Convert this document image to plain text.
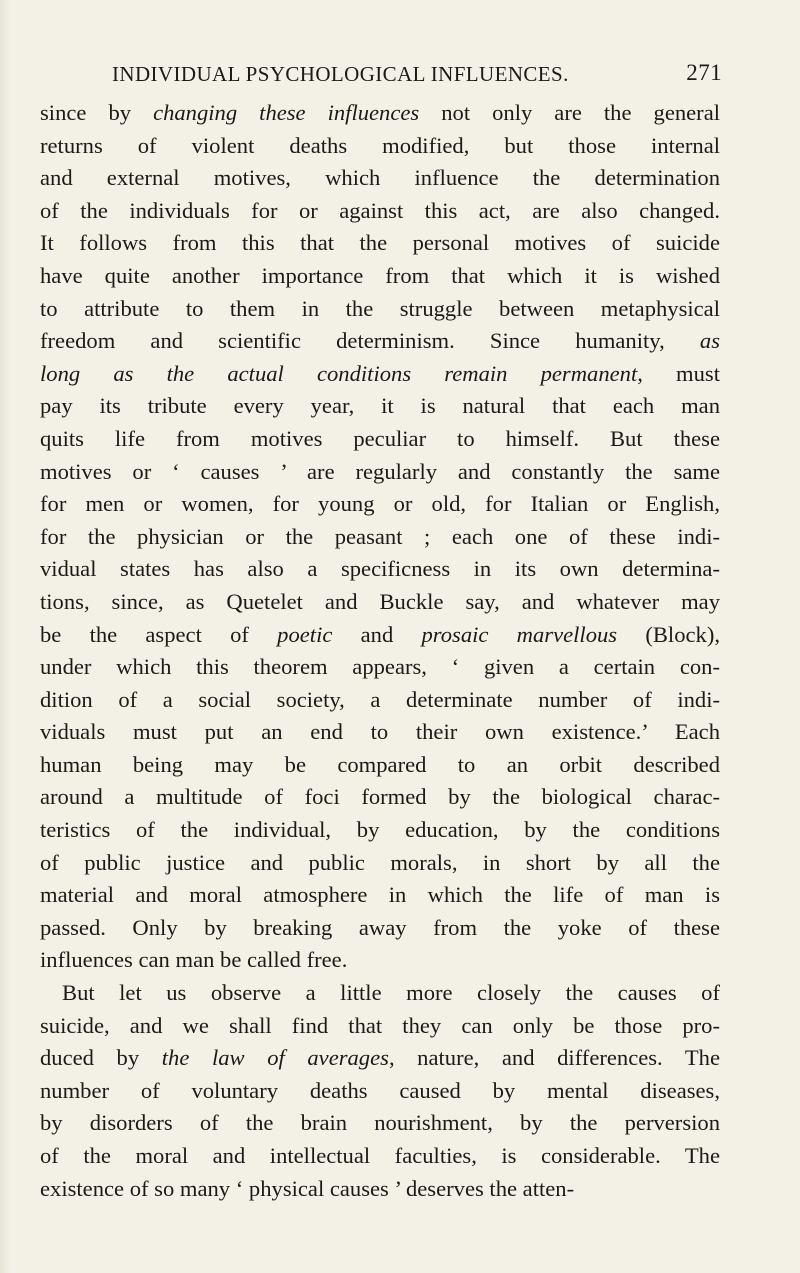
INDIVIDUAL PSYCHOLOGICAL INFLUENCES.	271
since by changing these influences not only are the general
returns of violent deaths modified, but those internal
and external motives, which influence the determination
of the individuals for or against this act, are also changed.
It follows from this that the personal motives of suicide
have quite another importance from that which it is wished
to attribute to them in the struggle between metaphysical
freedom and scientific determinism. Since humanity, as
long as the actual conditions remain permanent, must
pay its tribute every year, it is natural that each man
quits life from motives peculiar to himself. But these
motives or ‘ causes ’ are regularly and constantly the same
for men or women, for young or old, for Italian or English,
for the physician or the peasant ; each one of these indi-
vidual states has also a specificness in its own determina-
tions, since, as Quetelet and Buckle say, and whatever may
be the aspect of poetic and prosaic marvellous (Block),
under which this theorem appears, ‘ given a certain con-
dition of a social society, a determinate number of indi-
viduals must put an end to their own existence.’ Each
human being may be compared to an orbit described
around a multitude of foci formed by the biological charac-
teristics of the individual, by education, by the conditions
of public justice and public morals, in short by all the
material and moral atmosphere in which the life of man is
passed. Only by breaking away from the yoke of these
influences can man be called free.
But let us observe a little more closely the causes of
suicide, and we shall find that they can only be those pro-
duced by the law of averages, nature, and differences. The
number of voluntary deaths caused by mental diseases,
by disorders of the brain nourishment, by the perversion
of the moral and intellectual faculties, is considerable. The
existence of so many ‘ physical causes ’ deserves the atten-
